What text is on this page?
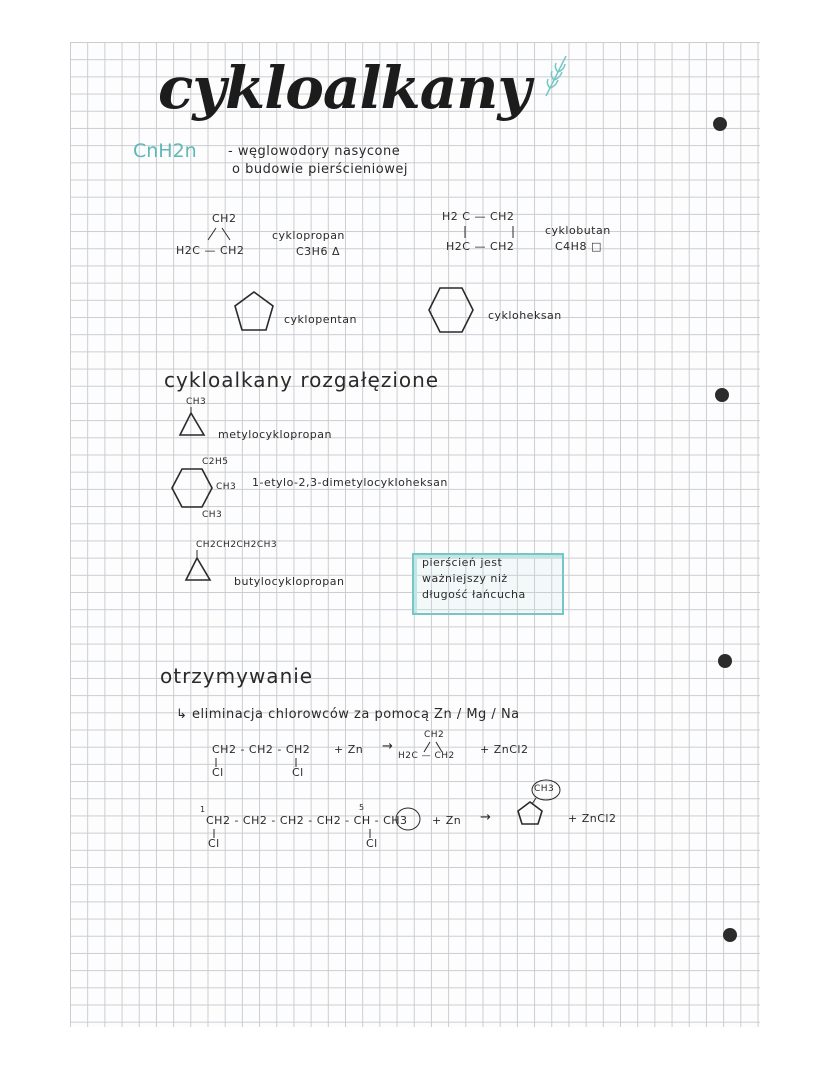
cykloalkany
CnH2n - węglowodory nasycone
o budowie pierścieniowej
CH2
H2C — CH2
cyklopropan
C3H6 Δ
H2 C — CH2
H2C — CH2
cyklobutan
C4H8 □
cyklopentan	cykloheksan
cykloalkany rozgałęzione
CH3
metylocyklopropan
C2H5
CH3
CH3
1-etylo-2,3-dimetylocykloheksan
CH2CH2CH2CH3
butylocyklopropan
pierścień jest
ważniejszy niż
długość łańcucha
otrzymywanie
↳ eliminacja chlorowców za pomocą Zn / Mg / Na
CH2 - CH2 - CH2
Cl	Cl
+ Zn →
CH2
H2C — CH2 + ZnCl2
1	5
CH2 - CH2 - CH2 - CH2 - CH - CH3
Cl	Cl
+ Zn →
CH3
+ ZnCl2
